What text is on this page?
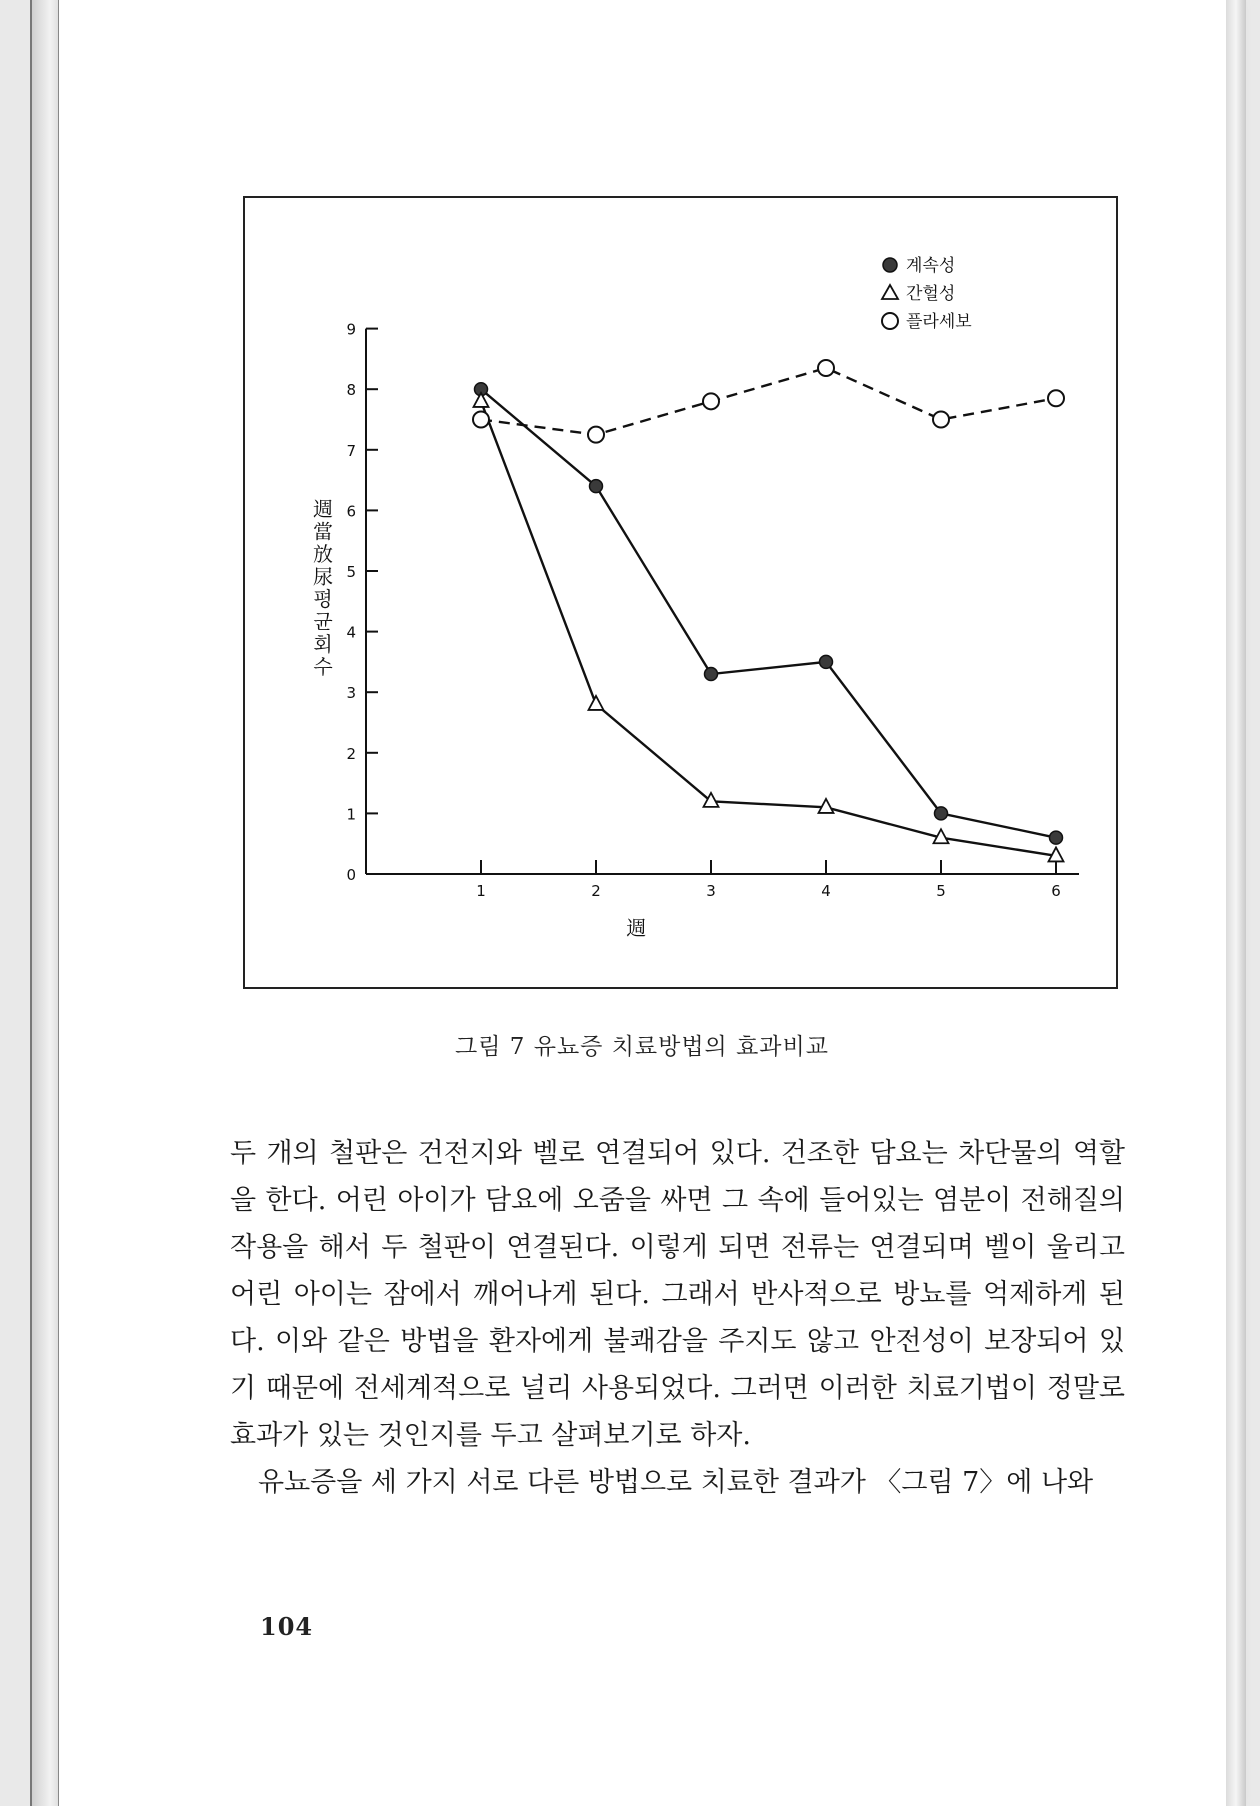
0
1
2
3
4
5
6
7
8
9
1	2	3	4	5	6
週
週當放尿 평 균 회 수
계속성
간헐성
플라세보
그림 7 유뇨증 치료방법의 효과비교

두 개의 철판은 건전지와 벨로 연결되어 있다. 건조한 담요는 차단물의 역할을 한다. 어린 아이가 담요에 오줌을 싸면 그 속에 들어있는 염분이 전해질의 작용을 해서 두 철판이 연결된다. 이렇게 되면 전류는 연결되며 벨이 울리고 어린 아이는 잠에서 깨어나게 된다. 그래서 반사적으로 방뇨를 억제하게 된다. 이와 같은 방법을 환자에게 불쾌감을 주지도 않고 안전성이 보장되어 있기 때문에 전세계적으로 널리 사용되었다. 그러면 이러한 치료기법이 정말로 효과가 있는 것인지를 두고 살펴보기로 하자.

유뇨증을 세 가지 서로 다른 방법으로 치료한 결과가 〈그림 7〉에 나와

104
